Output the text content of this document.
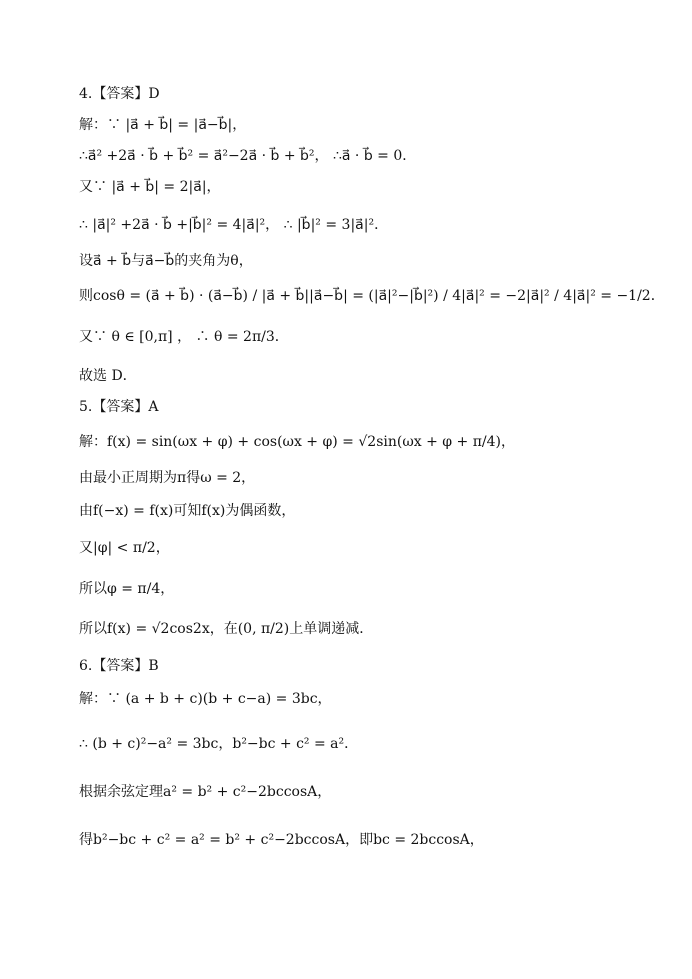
4.【答案】D
解：∵ |a⃗ + b⃗| = |a⃗−b⃗|，
∴a⃗² +2a⃗ · b⃗ + b⃗² = a⃗²−2a⃗ · b⃗ + b⃗²， ∴a⃗ · b⃗ = 0．
又∵ |a⃗ + b⃗| = 2|a⃗|，
∴ |a⃗|² +2a⃗ · b⃗ +|b⃗|² = 4|a⃗|²， ∴ |b⃗|² = 3|a⃗|²．
设a⃗ + b⃗与a⃗−b⃗的夹角为θ，
则cosθ = (a⃗ + b⃗) · (a⃗−b⃗) / |a⃗ + b⃗||a⃗−b⃗| = (|a⃗|²−|b⃗|²) / 4|a⃗|² = −2|a⃗|² / 4|a⃗|² = −1/2．
又∵ θ ∈ [0,π] ， ∴ θ = 2π/3．
故选 D．
5.【答案】A
解：f(x) = sin(ωx + φ) + cos(ωx + φ) = √2sin(ωx + φ + π/4)，
由最小正周期为π得ω = 2，
由f(−x) = f(x)可知f(x)为偶函数，
又|φ| < π/2，
所以φ = π/4，
所以f(x) = √2cos2x，在(0, π/2)上单调递减．
6.【答案】B
解：∵ (a + b + c)(b + c−a) = 3bc，
∴ (b + c)²−a² = 3bc，b²−bc + c² = a²．
根据余弦定理a² = b² + c²−2bccosA，
得b²−bc + c² = a² = b² + c²−2bccosA，即bc = 2bccosA，
